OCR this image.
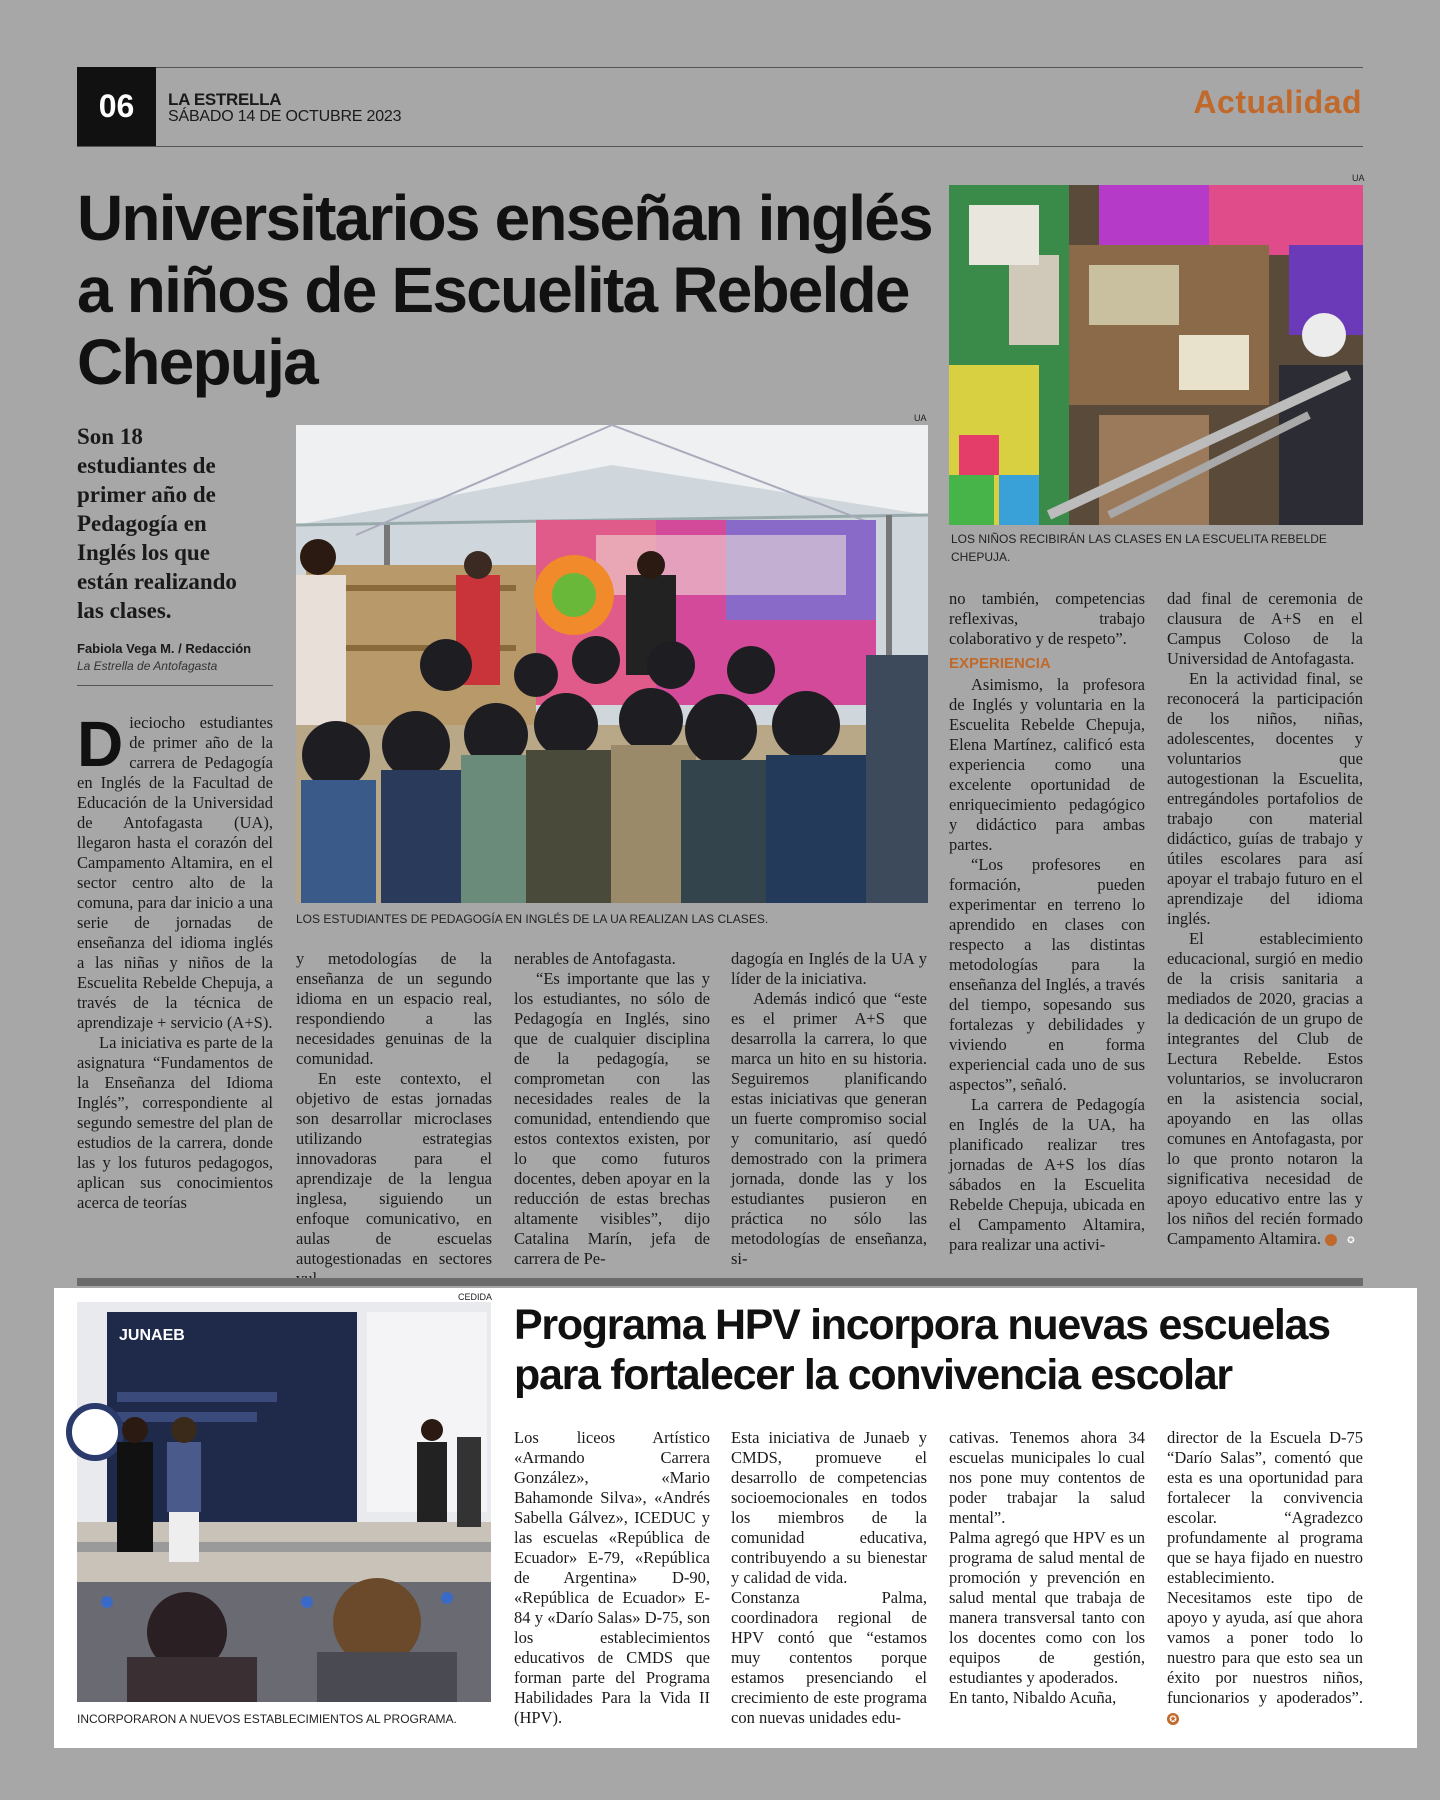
06	LA ESTRELLA
SÁBADO 14 DE OCTUBRE 2023	Actualidad
Universitarios enseñan inglés a niños de Escuelita Rebelde Chepuja
UA
LOS NIÑOS RECIBIRÁN LAS CLASES EN LA ESCUELITA REBELDE CHEPUJA.
Son 18 estudiantes de primer año de Pedagogía en Inglés los que están realizando las clases.
Fabiola Vega M. / Redacción
La Estrella de Antofagasta
UA
LOS ESTUDIANTES DE PEDAGOGÍA EN INGLÉS DE LA UA REALIZAN LAS CLASES.

Dieciocho estudiantes de primer año de la carrera de Pedagogía en Inglés de la Facultad de Educación de la Universidad de Antofagasta (UA), llegaron hasta el corazón del Campamento Altamira, en el sector centro alto de la comuna, para dar inicio a una serie de jornadas de enseñanza del idioma inglés a las niñas y niños de la Escuelita Rebelde Chepuja, a través de la técnica de aprendizaje + servicio (A+S).

La iniciativa es parte de la asignatura “Fundamentos de la Enseñanza del Idioma Inglés”, correspondiente al segundo semestre del plan de estudios de la carrera, donde las y los futuros pedagogos, aplican sus conocimientos acerca de teorías

y metodologías de la enseñanza de un segundo idioma en un espacio real, respondiendo a las necesidades genuinas de la comunidad.

En este contexto, el objetivo de estas jornadas son desarrollar microclases utilizando estrategias innovadoras para el aprendizaje de la lengua inglesa, siguiendo un enfoque comunicativo, en aulas de escuelas autogestionadas en sectores

nerables de Antofagasta.

“Es importante que las y los estudiantes, no sólo de Pedagogía en Inglés, sino que de cualquier disciplina de la pedagogía, se comprometan con las necesidades reales de la comunidad, entendiendo que estos contextos existen, por lo que como futuros docentes, deben apoyar en la reducción de estas brechas altamente visibles”, dijo Catalina Marín, jefa de carrera de Pe-

dagogía en Inglés de la UA y líder de la iniciativa.

Además indicó que “este es el primer A+S que desarrolla la carrera, lo que marca un hito en su historia. Seguiremos planificando estas iniciativas que generan un fuerte compromiso social y comunitario, así quedó demostrado con la primera jornada, donde las y los estudiantes pusieron en práctica no sólo las metodologías de enseñanza, si-

no también, competencias reflexivas, trabajo colaborativo y de respeto”.

EXPERIENCIA

Asimismo, la profesora de Inglés y voluntaria en la Escuelita Rebelde Chepuja, Elena Martínez, calificó esta experiencia como una excelente oportunidad de enriquecimiento pedagógico y didáctico para ambas partes.

“Los profesores en formación, pueden experimentar en terreno lo aprendido en clases con respecto a las distintas metodologías para la enseñanza del Inglés, a través del tiempo, sopesando sus fortalezas y debilidades y viviendo en forma experiencial cada uno de sus aspectos”, señaló.

La carrera de Pedagogía en Inglés de la UA, ha planificado realizar tres jornadas de A+S los días sábados en la Escuelita Rebelde Chepuja, ubicada en el Campamento Altamira, para realizar una activi-

dad final de ceremonia de clausura de A+S en el Campus Coloso de la Universidad de Antofagasta.

En la actividad final, se reconocerá la participación de los niños, niñas, adolescentes, docentes y voluntarios que autogestionan la Escuelita, entregándoles portafolios de trabajo con material didáctico, guías de trabajo y útiles escolares para así apoyar el trabajo futuro en el aprendizaje del idioma inglés.

El establecimiento educacional, surgió en medio de la crisis sanitaria a mediados de 2020, gracias a la dedicación de un grupo de integrantes del Club de Lectura Rebelde. Estos voluntarios, se involucraron en la asistencia social, apoyando en las ollas comunes en Antofagasta, por lo que pronto notaron la significativa necesidad de apoyo educativo entre las y los niños del recién formado Campamento Altamira.	✪

CEDIDA
JUNAEB
INCORPORARON A NUEVOS ESTABLECIMIENTOS AL PROGRAMA.
Programa HPV incorpora nuevas escuelas para fortalecer la convivencia escolar

Los liceos Artístico «Armando Carrera González», «Mario Bahamonde Silva», «Andrés Sabella Gálvez», ICEDUC y las escuelas «República de Ecuador» E-79, «República de Argentina» D-90, «República de Ecuador» E-84 y «Darío Salas» D-75, son los establecimientos educativos de CMDS que forman parte del Programa Habilidades Para la Vida II (HPV).

Esta iniciativa de Junaeb y CMDS, promueve el desarrollo de competencias socioemocionales en todos los miembros de la comunidad educativa, contribuyendo a su bienestar y calidad de vida.

Constanza Palma, coordinadora regional de HPV contó que “estamos muy contentos porque estamos presenciando el crecimiento de este programa con nuevas unidades edu-

cativas. Tenemos ahora 34 escuelas municipales lo cual nos pone muy contentos de poder trabajar la salud mental”.

Palma agregó que HPV es un programa de salud mental de promoción y prevención en salud mental que trabaja de manera transversal tanto con los docentes como con los equipos de gestión, estudiantes y apoderados.

En tanto, Nibaldo Acuña,

director de la Escuela D-75 “Darío Salas”, comentó que esta es una oportunidad para fortalecer la convivencia escolar. “Agradezco profundamente al programa que se haya fijado en nuestro establecimiento. Necesitamos este tipo de apoyo y ayuda, así que ahora vamos a poner todo lo nuestro para que esto sea un éxito por nuestros niños, funcionarios y apoderados”. ✪
